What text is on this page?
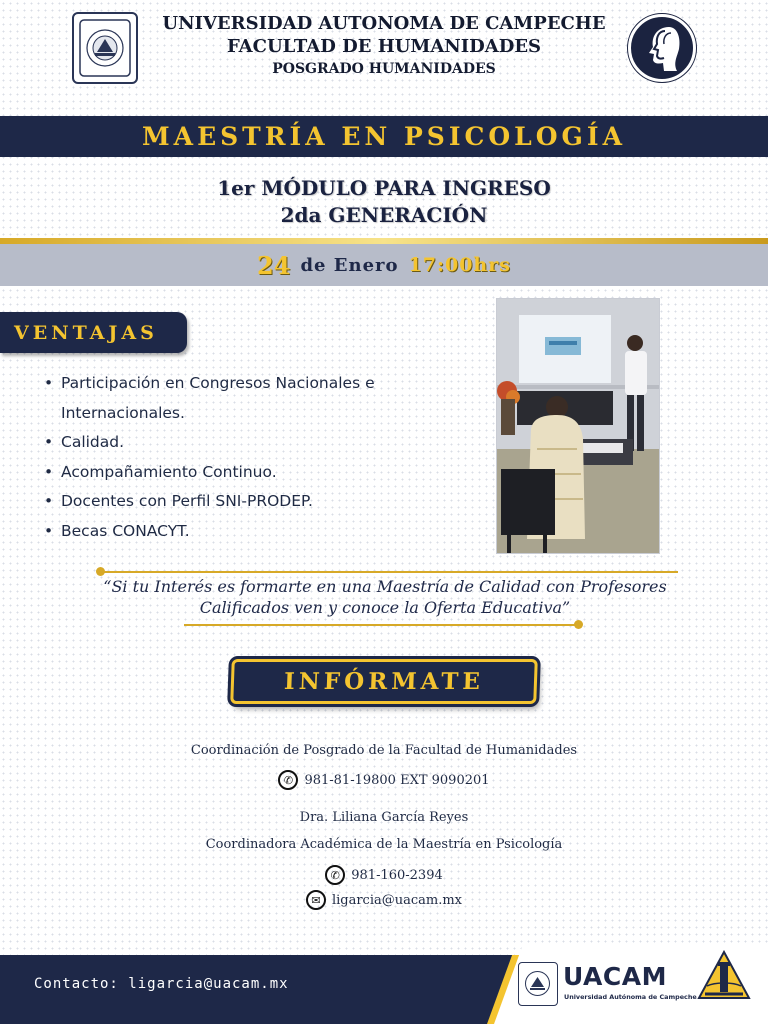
UNIVERSIDAD AUTONOMA DE CAMPECHE
FACULTAD DE HUMANIDADES
POSGRADO HUMANIDADES
MAESTRÍA EN PSICOLOGÍA
1er MÓDULO PARA INGRESO
2da GENERACIÓN
24 de Enero 17:00hrs
VENTAJAS
• Participación en Congresos Nacionales e Internacionales.
• Calidad.
• Acompañamiento Continuo.
• Docentes con Perfil SNI-PRODEP.
• Becas CONACYT.
“Si tu Interés es formarte en una Maestría de Calidad con Profesores
Calificados ven y conoce la Oferta Educativa”
INFÓRMATE
Coordinación de Posgrado de la Facultad de Humanidades
✆ 981-81-19800 EXT 9090201
Dra. Liliana García Reyes
Coordinadora Académica de la Maestría en Psicología
✆ 981-160-2394
✉ ligarcia@uacam.mx
Contacto: ligarcia@uacam.mx	UACAM
Universidad Autónoma de Campeche
